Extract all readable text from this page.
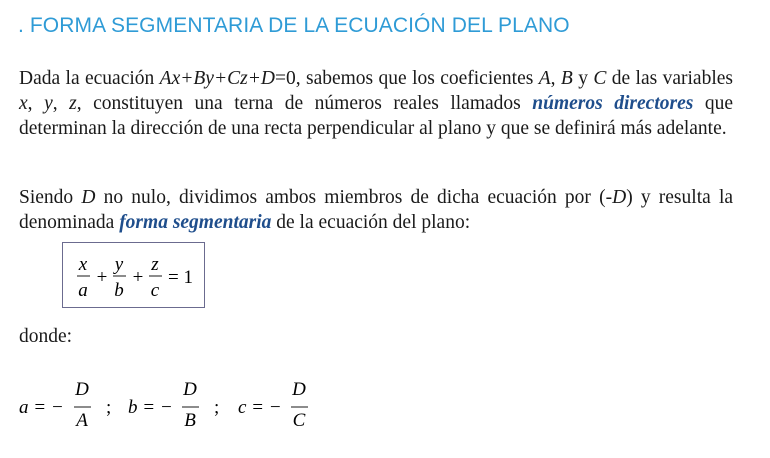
. FORMA SEGMENTARIA DE LA ECUACIÓN DEL PLANO
Dada la ecuación Ax+By+Cz+D=0, sabemos que los coeficientes A, B y C de las variables x, y, z, constituyen una terna de números reales llamados números directores que determinan la dirección de una recta perpendicular al plano y que se definirá más adelante.
Siendo D no nulo, dividimos ambos miembros de dicha ecuación por (-D) y resulta la denominada forma segmentaria de la ecuación del plano:
x
a
+
y
b
+
z
c
= 1
donde:
a = −
D
A
; b = −
D
B
; c = −
D
C
